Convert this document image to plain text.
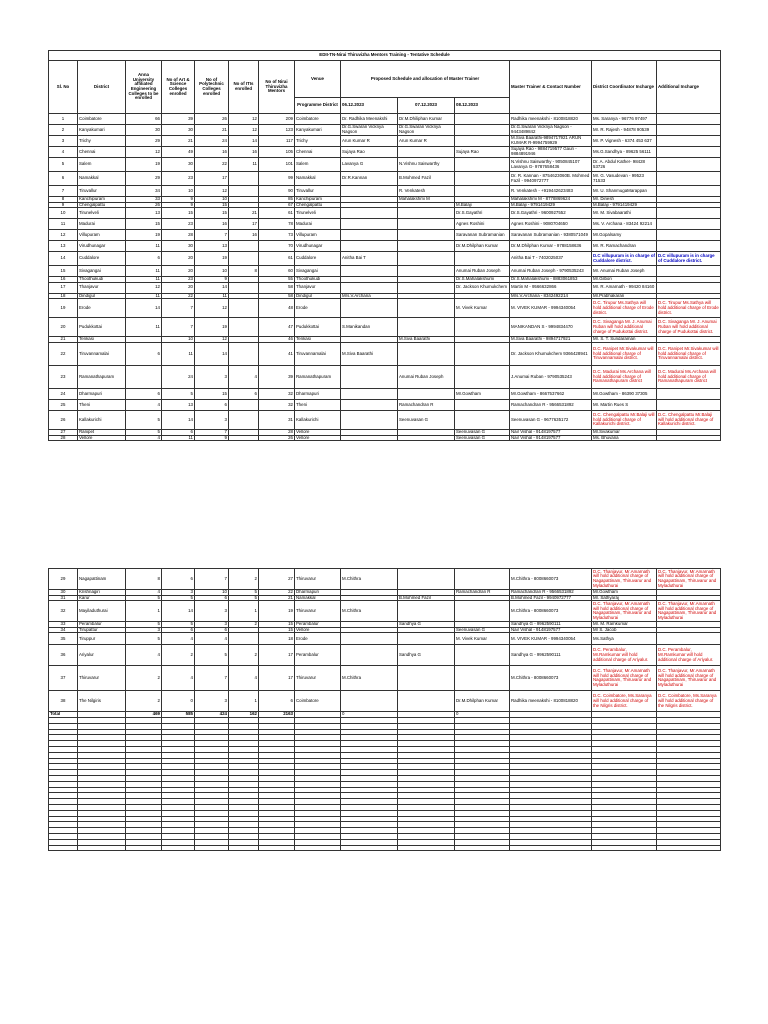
EDII-TN-Nirai Thiruvizha Mentors Training - Tentative Schedule													
Sl. No	District	Anna University affiliated Engineering Colleges to be enrolled	No of Art & Science Colleges enrolled	No of Polytechnic Colleges enrolled	No of ITIs enrolled	No of Nirai Thiruvizha Mentors	Venue	Proposed Schedule and allocation of Master Trainer			Master Trainer & Contact Number	District Coordinator Incharge	Additional Incharge
							Programme District	06.12.2023	07.12.2023	08.12.2023			
1	Coimbatore	66	39	26	12	209	Coimbatore	Dr. Radhika Meenakshi	Dr.M.Dhiliphan Kumar		Radhika meenakshi - 8100818820	Ms. Saranya - 96776 97497	
2	Kanyakumari	30	30	21	12	123	Kanyakumari	Dr.G.Swaran Vicknya Nagson	Dr.G.Swaran Vicknya Nagson		Dr.G.Swaran Vicknya Nagson - 9443489842	Mr. R. Rajesh - 94878 90539	
3	Trichy	29	21	24	14	117	Trichy	Arun Kumar R	Arun Kumar R		M.Siva Baarathi-9894717921 ARUN KUMAR R-9994759929	Mr. P. Vignesh - 6374 453 637	
4	Chennai	12	49	16	16	105	Chennai	Sujaya Rao		Sujaya Rao	Sujaya Rao - 9884719577 Gauri - 9884891946	Ms.G.Sandhya - 89625 56111	
5	Salem	19	30	22	11	101	Salem	Lavanya G	N.Vishnu Saiswarthy		N.Vishnu Saiswarthy - 9050845107 Lavanya G- 9787658436	Dr. A. Abdul Kather- 98428 53726	
6	Namakkal	29	23	17		99	Namakkal	Dr.R.Kannan	B.Mohmed Fazil		Dr. R. Kannan - 8754623060B. Mohmed Fazil - 9940972777	Mr. G. Vasudevan - 99523 71533	
7	Tiruvallur	34	10	12		90	Tiruvallur		R. Venkatesh		R. Venkatesh - +919442623483	Mr. U. ShanmugaMarappan	
8	Kanchipuram	33	9	10		85	Kanchipuram		Mahalakshmi M		Mahalakshmi M - 8778869624	Mr. Dinesh	
9	Chengalpattu	26	9	15		67	Chengalpattu			M.Balaji	M.Balaji - 9791419429	M.Balaji - 9791419429	
10	Tirunelveli	13	15	15	21	61	Tirunelveli			Dr.S.Gayathri	Dr.S.Gayathri - 9600927552	Mr. M. Sivabaarathi	
11	Madurai	15	23	16	17	78	Madurai			Agnes Roshini	Agnes Roshini - 9080704650	Ms. V. Archana - 83424 92214	
12	Villupuram	19	28	7	16	73	Villupuram			Saravanan Subramanian	Saravanan Subramanian - 9380571049	Mr.Gopalsamy	
13	Virudhunagar	11	30	13		70	Virudhunagar			Dr.M.Dhilphan Kumar	Dr.M.Dhilphan Kumar - 9788158636	Mr. R. Ramachandran	
14	Cuddalore	6	20	19		61	Cuddalore	Anitha Bai T			Anitha Bai T - 7402025037	D.C villupuram is in charge of Cuddalore district.	D.C villupuram is in charge of Cuddalore district.
15	Sivagangai	11	20	10	8	60	Sivagangai			Anumai Ruban Joseph	Anumai Ruban Joseph - 9790535243	Mr. Anumai Ruban Joseph	
16	Thoothukudi	11	23	9		55	Thoothukudi			Dr.S.Mahalakshumi	Dr.S.Mahalakshumi - 8883061853	Mr.Gilbon	
17	Thanjavur	12	20	14		58	Thanjavur			Dr. Jackson Khumukchem	Martin M - 9566632866	Mr. R. Amarnath - 99420 84160	
18	Dindigul	11	22	11		58	Dindigul	Mrs.V.Archana			Mrs.V.Archana - 8342492214	Mr.Prabhakaran	
19	Erode	14	7	12		48	Erode			M. Vivek Kumar	M. VIVEK KUMAR - 9994340054	D.C. Tirupur Ms.Sathya will hold additional charge of Erode district.	D.C. Tirupur Ms.Sathya will hold additional charge of Erode district.
20	Pudukkottai	11	7	19		47	Pudukkottai	S.Manikandan			MANIKANDAN S - 9994834470	D.C. Sivaganga Mr. J. Anumai Ruban will hold additional charge of Pudukottai district.	D.C. Sivaganga Mr. J. Anumai Ruban will hold additional charge of Pudukottai district.
21	Tenkasi		10	12		46	Tenkasi		M.Siva Baarathi		M.Siva Baarathi - 9894717921	Mr. S. T. Sundaraman	
22	Tiruvannamalai	6	11	14		41	Tiruvannamalai	M.Siva Baarathi			Dr. Jackson Khumukchem 9366428941	D.C. Ranipet Mr.Sivakumar will hold additional charge of Tiruvannamalai district.	D.C. Ranipet Mr.Sivakumar will hold additional charge of Tiruvannamalai district.
23	Ramanathapuram		24	3	4	39	Ramanathapuram		Anumai Ruban Joseph		J.Anumai Ruban - 9790535243	D.C. Madurai Ms.Archana will hold additional charge of Ramanathapuram district	D.C. Madurai Ms.Archana will hold additional charge of Ramanathapuram district
24	Dharmapuri	6	5	15	6	32	Dharmapuri			Mr.Gowtham	Mr.Gowtham - 8667537662	Mr.Gowtham - 86390 37305	
25	Theni	4	13	6		32	Theni		Ramachandran R		Ramachandran R - 9566531892	Mr. Martin Rues S	
26	Kallakurichi	5	14	3		31	Kallakurichi		Seenuvasan G		Seenuvasan G - 9677635172	D.C. Chengalpattu Mr.Balaji will hold additional charge of Kallakurichi district.	D.C. Chengalpattu Mr.Balaji will hold additional charge of Kallakurichi district.
27	Ranipet	5	6	7		28	Vellore			Seenuvasan G	Nair Vishal - 9148197577	Mr.Sivakumar	
28	Vellore	4	11	9		26	Vellore			Seenuvasan G	Nair Vishal - 9148197577	Ms. Bhuvana	
29	Nagapattinam	8	6	7	2	27	Thiruvarur	M.Chithra			M.Chithra - 8008660073	D.C. Thanjavur, Mr.Amarnath will hold additional charge of Nagapattinam, Thiruvarur and Myladuthurai	D.C. Thanjavur, Mr.Amarnath will hold additional charge of Nagapattinam, Thiruvarur and Myladuthurai
30	Krishnagiri	4	3	10	5	22	Dharmapuri			Ramachandran R	Ramachandran R - 9566531892	Mr.Gowtham	
31	Karur	5	5	6	5	21	Namakkal		B.Mohmed Fazil		B.Mohmed Fazil - 9940972777	Mr. Sathyaraj	
32	Mayiladuthurai	1	14	3	1	19	Thiruvarur	M.Chithra			M.Chithra - 8008660073	D.C. Thanjavur, Mr.Amarnath will hold additional charge of Nagapattinam, Thiruvarur and Myladuthurai	D.C. Thanjavur, Mr.Amarnath will hold additional charge of Nagapattinam, Thiruvarur and Myladuthurai
33	Perambalur	5	5	3	2	15	Perambalur		Sandhya G		Sandhya G - 9962590111	Mr. M. Ramkumar	
34	Tirupattur	3	6	6		15	Vellore			Seenuvasan G	Nair Vishal - 9148197577	Mr S. Jacob	
35	Tiruppur	5	4	4		18	Erode			M. Vivek Kumar	M. VIVEK KUMAR - 9994340054	Ms.Sathya	
36	Ariyalur	4	2	5	2	17	Perambalur		Sandhya G		Sandhya G - 9962590111	D.C. Perambalur, Mr.Ramkumar will hold additional charge of Ariyalur.	D.C. Perambalur, Mr.Ramkumar will hold additional charge of Ariyalur.
37	Thiruvarur	2	4	7	4	17	Thiruvarur	M.Chithra			M.Chithra - 8008660073	D.C. Thanjavur, Mr.Amarnath will hold additional charge of Nagapattinam, Thiruvarur and Myladuthurai	D.C. Thanjavur, Mr.Amarnath will hold additional charge of Nagapattinam, Thiruvarur and Myladuthurai
38	The Nilgiris	2	0	3	1	6	Coimbatore			Dr.M.Dhilphan Kumar	Radhika meenakshi - 8100818820	D.C. Coimbatore, Ms.Saranya will hold additional charge of the Nilgris district.	D.C. Coimbatore, Ms.Saranya will hold additional charge of the Nilgris district.
Total		469	585	424	162	2163		0		0			
